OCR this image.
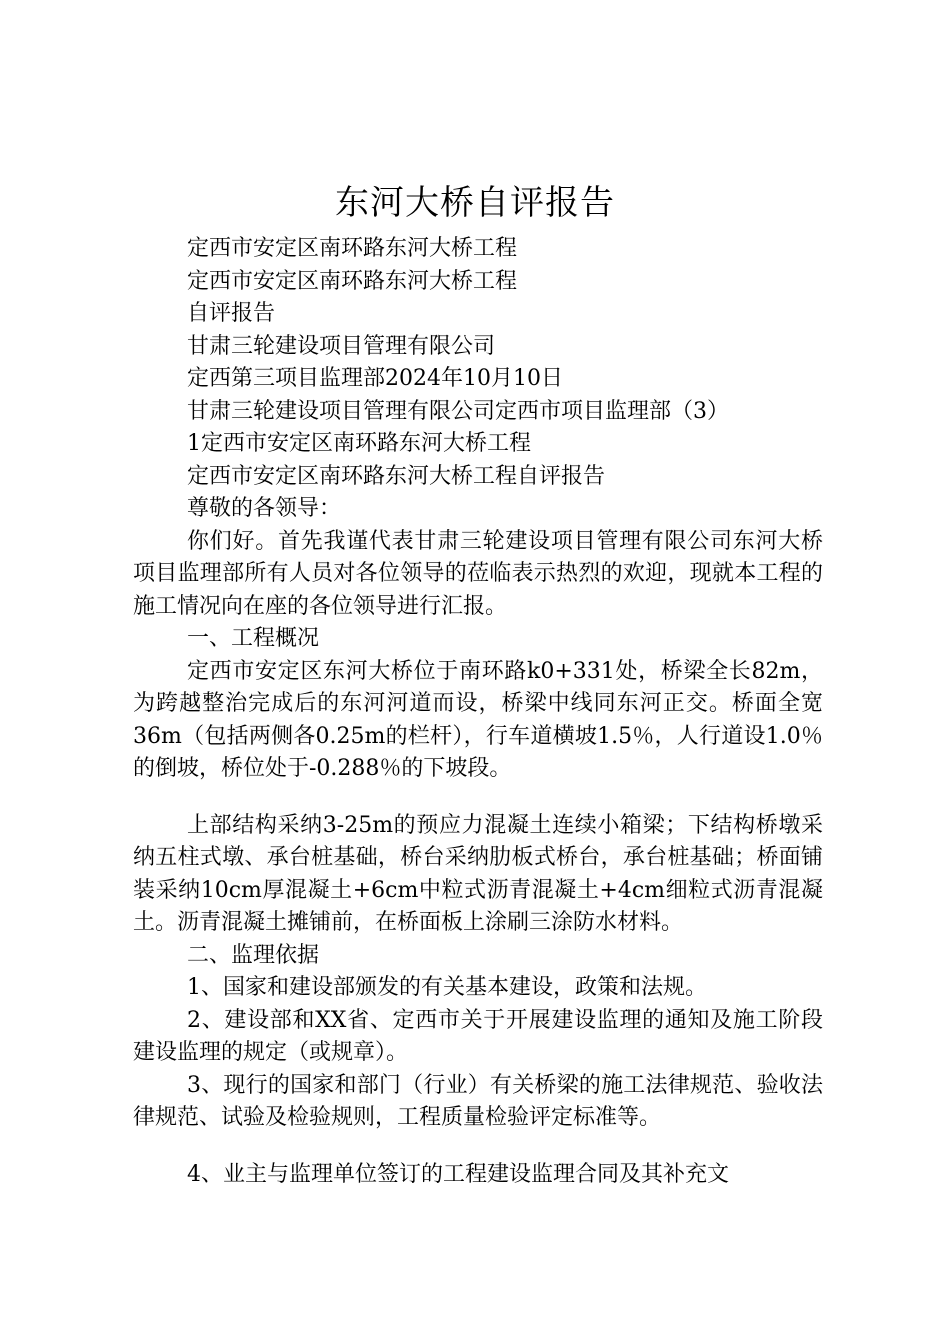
东河大桥自评报告
定西市安定区南环路东河大桥工程
定西市安定区南环路东河大桥工程
自评报告
甘肃三轮建设项目管理有限公司
定西第三项目监理部2024年10月10日
甘肃三轮建设项目管理有限公司定西市项目监理部（3）
1定西市安定区南环路东河大桥工程
定西市安定区南环路东河大桥工程自评报告
尊敬的各领导：
你们好。首先我谨代表甘肃三轮建设项目管理有限公司东河大桥项目监理部所有人员对各位领导的莅临表示热烈的欢迎，现就本工程的施工情况向在座的各位领导进行汇报。
一、工程概况
定西市安定区东河大桥位于南环路k0+331处，桥梁全长82m，为跨越整治完成后的东河河道而设，桥梁中线同东河正交。桥面全宽36m（包括两侧各0.25m的栏杆），行车道横坡1.5％，人行道设1.0％的倒坡，桥位处于-0.288％的下坡段。
上部结构采纳3-25m的预应力混凝土连续小箱梁；下结构桥墩采纳五柱式墩、承台桩基础，桥台采纳肋板式桥台，承台桩基础；桥面铺装采纳10cm厚混凝土+6cm中粒式沥青混凝土+4cm细粒式沥青混凝土。沥青混凝土摊铺前，在桥面板上涂刷三涂防水材料。
二、监理依据
1、国家和建设部颁发的有关基本建设，政策和法规。
2、建设部和XX省、定西市关于开展建设监理的通知及施工阶段建设监理的规定（或规章）。
3、现行的国家和部门（行业）有关桥梁的施工法律规范、验收法律规范、试验及检验规则，工程质量检验评定标准等。
4、业主与监理单位签订的工程建设监理合同及其补充文
